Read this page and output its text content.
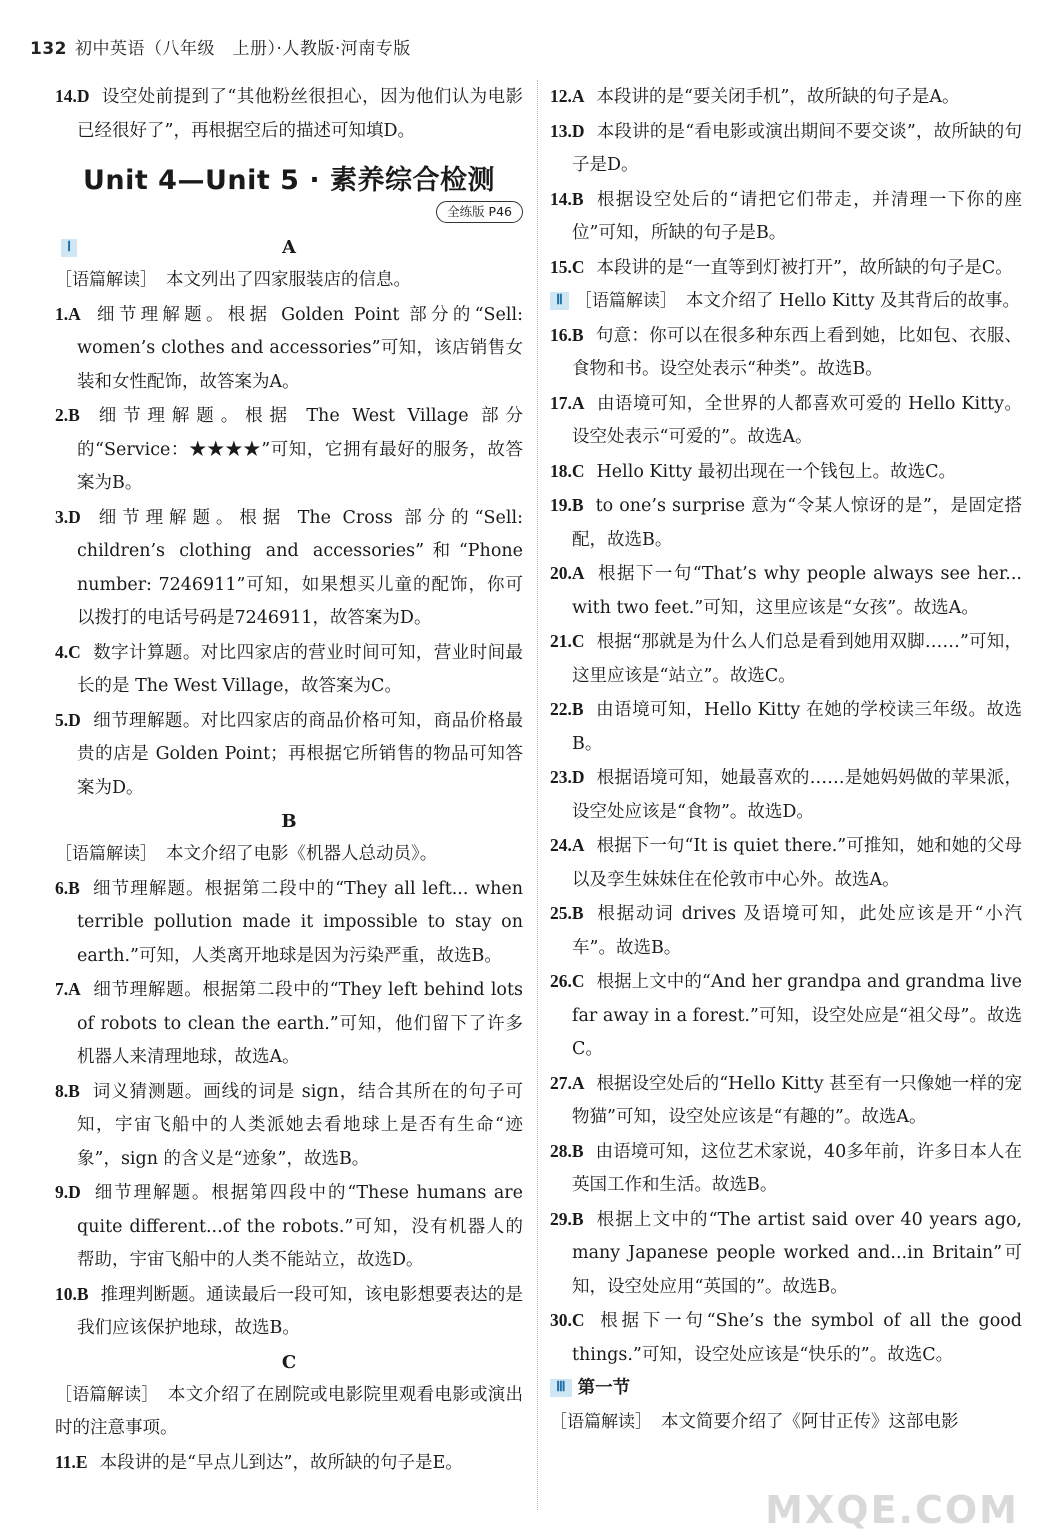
132 初中英语（八年级　上册）·人教版·河南专版

14.D 设空处前提到了“其他粉丝很担心，因为他们认为电影已经很好了”，再根据空后的描述可知填D。

Unit 4—Unit 5 · 素养综合检测
全练版 P46
Ⅰ	A

［语篇解读］　 本文列出了四家服装店的信息。

1.A 细节理解题。根据 Golden Point 部分的“Sell: women’s clothes and accessories”可知，该店销售女装和女性配饰，故答案为A。

2.B 细节理解题。根据 The West Village 部分的“Service：★★★★”可知，它拥有最好的服务，故答案为B。

3.D 细节理解题。根据 The Cross 部分的“Sell: children’s clothing and accessories”和“Phone number: 7246911”可知，如果想买儿童的配饰，你可以拨打的电话号码是7246911，故答案为D。

4.C 数字计算题。对比四家店的营业时间可知，营业时间最长的是 The West Village，故答案为C。

5.D 细节理解题。对比四家店的商品价格可知，商品价格最贵的店是 Golden Point；再根据它所销售的物品可知答案为D。

B

［语篇解读］　 本文介绍了电影《机器人总动员》。

6.B 细节理解题。根据第二段中的“They all left... when terrible pollution made it impossible to stay on earth.”可知，人类离开地球是因为污染严重，故选B。

7.A 细节理解题。根据第二段中的“They left behind lots of robots to clean the earth.”可知，他们留下了许多机器人来清理地球，故选A。

8.B 词义猜测题。画线的词是 sign，结合其所在的句子可知，宇宙飞船中的人类派她去看地球上是否有生命“迹象”，sign 的含义是“迹象”，故选B。

9.D 细节理解题。根据第四段中的“These humans are quite different...of the robots.”可知，没有机器人的帮助，宇宙飞船中的人类不能站立，故选D。

10.B 推理判断题。通读最后一段可知，该电影想要表达的是我们应该保护地球，故选B。

C

［语篇解读］　 本文介绍了在剧院或电影院里观看电影或演出时的注意事项。

11.E 本段讲的是“早点儿到达”，故所缺的句子是E。

12.A 本段讲的是“要关闭手机”，故所缺的句子是A。

13.D 本段讲的是“看电影或演出期间不要交谈”，故所缺的句子是D。

14.B 根据设空处后的“请把它们带走，并清理一下你的座位”可知，所缺的句子是B。

15.C 本段讲的是“一直等到灯被打开”，故所缺的句子是C。

Ⅱ ［语篇解读］　 本文介绍了 Hello Kitty 及其背后的故事。

16.B 句意：你可以在很多种东西上看到她，比如包、衣服、食物和书。设空处表示“种类”。故选B。

17.A 由语境可知，全世界的人都喜欢可爱的 Hello Kitty。设空处表示“可爱的”。故选A。

18.C Hello Kitty 最初出现在一个钱包上。故选C。

19.B to one’s surprise 意为“令某人惊讶的是”，是固定搭配，故选B。

20.A 根据下一句“That’s why people always see her... with two feet.”可知，这里应该是“女孩”。故选A。

21.C 根据“那就是为什么人们总是看到她用双脚……”可知，这里应该是“站立”。故选C。

22.B 由语境可知，Hello Kitty 在她的学校读三年级。故选B。

23.D 根据语境可知，她最喜欢的……是她妈妈做的苹果派，设空处应该是“食物”。故选D。

24.A 根据下一句“It is quiet there.”可推知，她和她的父母以及孪生妹妹住在伦敦市中心外。故选A。

25.B 根据动词 drives 及语境可知，此处应该是开“小汽车”。故选B。

26.C 根据上文中的“And her grandpa and grandma live far away in a forest.”可知，设空处应是“祖父母”。故选C。

27.A 根据设空处后的“Hello Kitty 甚至有一只像她一样的宠物猫”可知，设空处应该是“有趣的”。故选A。

28.B 由语境可知，这位艺术家说，40多年前，许多日本人在英国工作和生活。故选B。

29.B 根据上文中的“The artist said over 40 years ago, many Japanese people worked and...in Britain”可知，设空处应用“英国的”。故选B。

30.C 根据下一句“She’s the symbol of all the good things.”可知，设空处应该是“快乐的”。故选C。

Ⅲ 第一节

［语篇解读］　 本文简要介绍了《阿甘正传》这部电影

MXQE.COM
